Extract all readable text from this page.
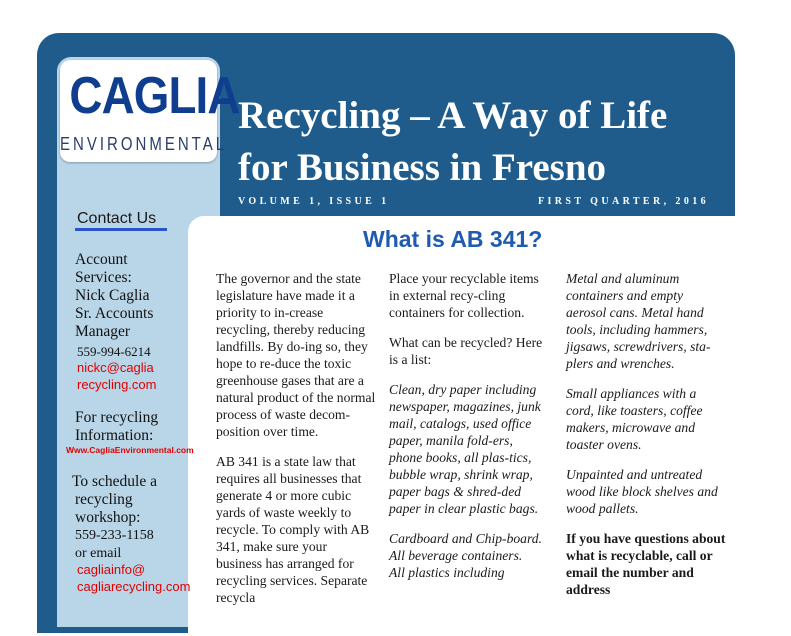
CAGLIA
ENVIRONMENTAL
Recycling – A Way of Life
for Business in Fresno
VOLUME 1, ISSUE 1	FIRST QUARTER, 2016
Contact Us
Account
Services:
Nick Caglia
Sr. Accounts
Manager
559-994-6214
nickc@caglia
recycling.com
For recycling
Information:
Www.CagliaEnvironmental.com
To schedule a
recycling
workshop:
559-233-1158
or email
cagliainfo@
cagliarecycling.com
What is AB 341?

The governor and the state legislature have made it a priority to in-crease recycling, thereby reducing landfills. By do-ing so, they hope to re-duce the toxic greenhouse gases that are a natural product of the normal process of waste decom-position over time.

AB 341 is a state law that requires all businesses that generate 4 or more cubic yards of waste weekly to recycle. To comply with AB 341, make sure your business has arranged for recycling services. Separate recycla

Place your recyclable items in external recy-cling containers for collection.

What can be recycled? Here is a list:

Clean, dry paper including newspaper, magazines, junk mail, catalogs, used office paper, manila fold-ers, phone books, all plas-tics, bubble wrap, shrink wrap, paper bags & shred-ded paper in clear plastic bags.

Cardboard and Chip-board.
All beverage containers.
All plastics including

Metal and aluminum containers and empty aerosol cans. Metal hand tools, including hammers, jigsaws, screwdrivers, sta-plers and wrenches.

Small appliances with a cord, like toasters, coffee makers, microwave and toaster ovens.

Unpainted and untreated wood like block shelves and wood pallets.

If you have questions about what is recyclable, call or email the number and address
